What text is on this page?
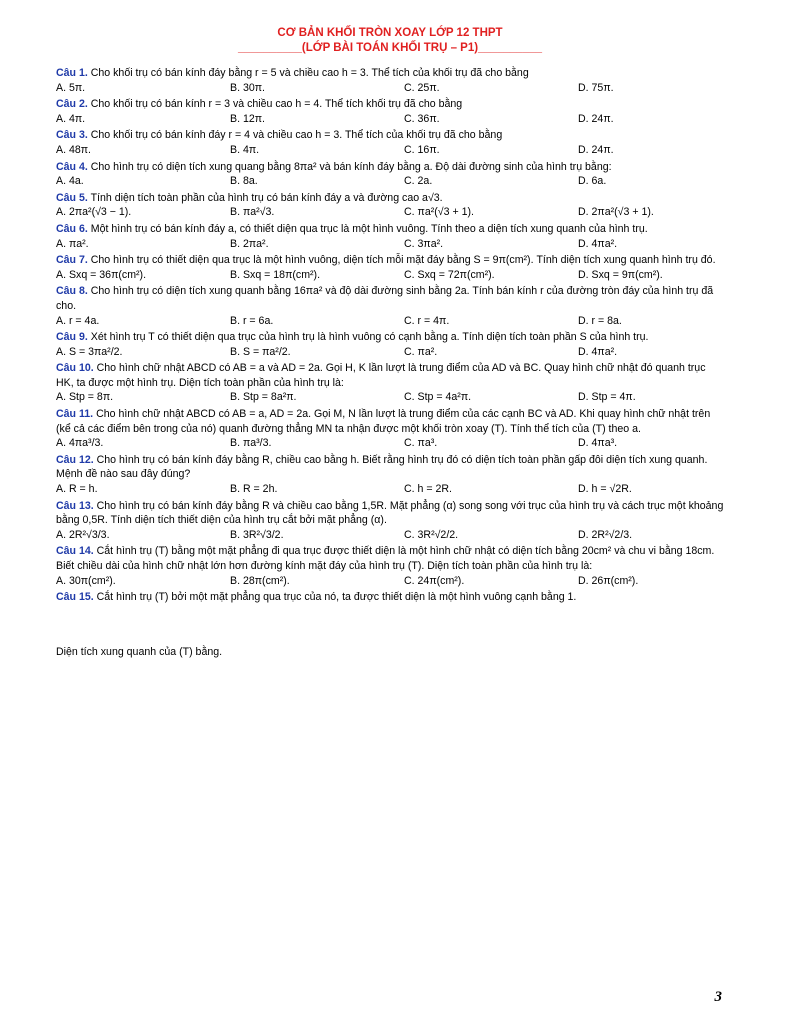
CƠ BẢN KHỐI TRÒN XOAY LỚP 12 THPT
__________(LỚP BÀI TOÁN KHỐI TRỤ – P1)__________

Câu 1. Cho khối trụ có bán kính đáy bằng r = 5 và chiều cao h = 3. Thể tích của khối trụ đã cho bằng

A. 5π.	B. 30π.	C. 25π.	D. 75π.

Câu 2. Cho khối trụ có bán kính r = 3 và chiều cao h = 4. Thể tích khối trụ đã cho bằng

A. 4π.	B. 12π.	C. 36π.	D. 24π.

Câu 3. Cho khối trụ có bán kính đáy r = 4 và chiều cao h = 3. Thể tích của khối trụ đã cho bằng

A. 48π.	B. 4π.	C. 16π.	D. 24π.

Câu 4. Cho hình trụ có diện tích xung quang bằng 8πa² và bán kính đáy bằng a. Độ dài đường sinh của hình trụ bằng:

A. 4a.	B. 8a.	C. 2a.	D. 6a.

Câu 5. Tính diện tích toàn phần của hình trụ có bán kính đáy a và đường cao a√3.

A. 2πa²(√3 − 1).	B. πa²√3.	C. πa²(√3 + 1).	D. 2πa²(√3 + 1).

Câu 6. Một hình trụ có bán kính đáy a, có thiết diện qua trục là một hình vuông. Tính theo a diện tích xung quanh của hình trụ.

A. πa².	B. 2πa².	C. 3πa².	D. 4πa².

Câu 7. Cho hình trụ có thiết diện qua trục là một hình vuông, diện tích mỗi mặt đáy bằng S = 9π(cm²). Tính diện tích xung quanh hình trụ đó.

A. Sxq = 36π(cm²).	B. Sxq = 18π(cm²).	C. Sxq = 72π(cm²).	D. Sxq = 9π(cm²).

Câu 8. Cho hình trụ có diện tích xung quanh bằng 16πa² và độ dài đường sinh bằng 2a. Tính bán kính r của đường tròn đáy của hình trụ đã cho.

A. r = 4a.	B. r = 6a.	C. r = 4π.	D. r = 8a.

Câu 9. Xét hình trụ T có thiết diện qua trục của hình trụ là hình vuông có cạnh bằng a. Tính diện tích toàn phần S của hình trụ.

A. S = 3πa²/2.	B. S = πa²/2.	C. πa².	D. 4πa².

Câu 10. Cho hình chữ nhật ABCD có AB = a và AD = 2a. Gọi H, K lần lượt là trung điểm của AD và BC. Quay hình chữ nhật đó quanh trục HK, ta được một hình trụ. Diện tích toàn phần của hình trụ là:

A. Stp = 8π.	B. Stp = 8a²π.	C. Stp = 4a²π.	D. Stp = 4π.

Câu 11. Cho hình chữ nhật ABCD có AB = a, AD = 2a. Gọi M, N lần lượt là trung điểm của các cạnh BC và AD. Khi quay hình chữ nhật trên (kể cả các điểm bên trong của nó) quanh đường thẳng MN ta nhận được một khối tròn xoay (T). Tính thể tích của (T) theo a.

A. 4πa³/3.	B. πa³/3.	C. πa³.	D. 4πa³.

Câu 12. Cho hình trụ có bán kính đáy bằng R, chiều cao bằng h. Biết rằng hình trụ đó có diện tích toàn phần gấp đôi diện tích xung quanh. Mệnh đề nào sau đây đúng?

A. R = h.	B. R = 2h.	C. h = 2R.	D. h = √2R.

Câu 13. Cho hình trụ có bán kính đáy bằng R và chiều cao bằng 1,5R. Mặt phẳng (α) song song với trục của hình trụ và cách trục một khoảng bằng 0,5R. Tính diện tích thiết diện của hình trụ cắt bởi mặt phẳng (α).

A. 2R²√3/3.	B. 3R²√3/2.	C. 3R²√2/2.	D. 2R²√2/3.

Câu 14. Cắt hình trụ (T) bằng một mặt phẳng đi qua trục được thiết diện là một hình chữ nhật có diện tích bằng 20cm² và chu vi bằng 18cm. Biết chiều dài của hình chữ nhật lớn hơn đường kính mặt đáy của hình trụ (T). Diện tích toàn phần của hình trụ là:

A. 30π(cm²).	B. 28π(cm²).	C. 24π(cm²).	D. 26π(cm²).

Câu 15. Cắt hình trụ (T) bởi một mặt phẳng qua trục của nó, ta được thiết diện là một hình vuông cạnh bằng 1.

Diện tích xung quanh của (T) bằng.
3
